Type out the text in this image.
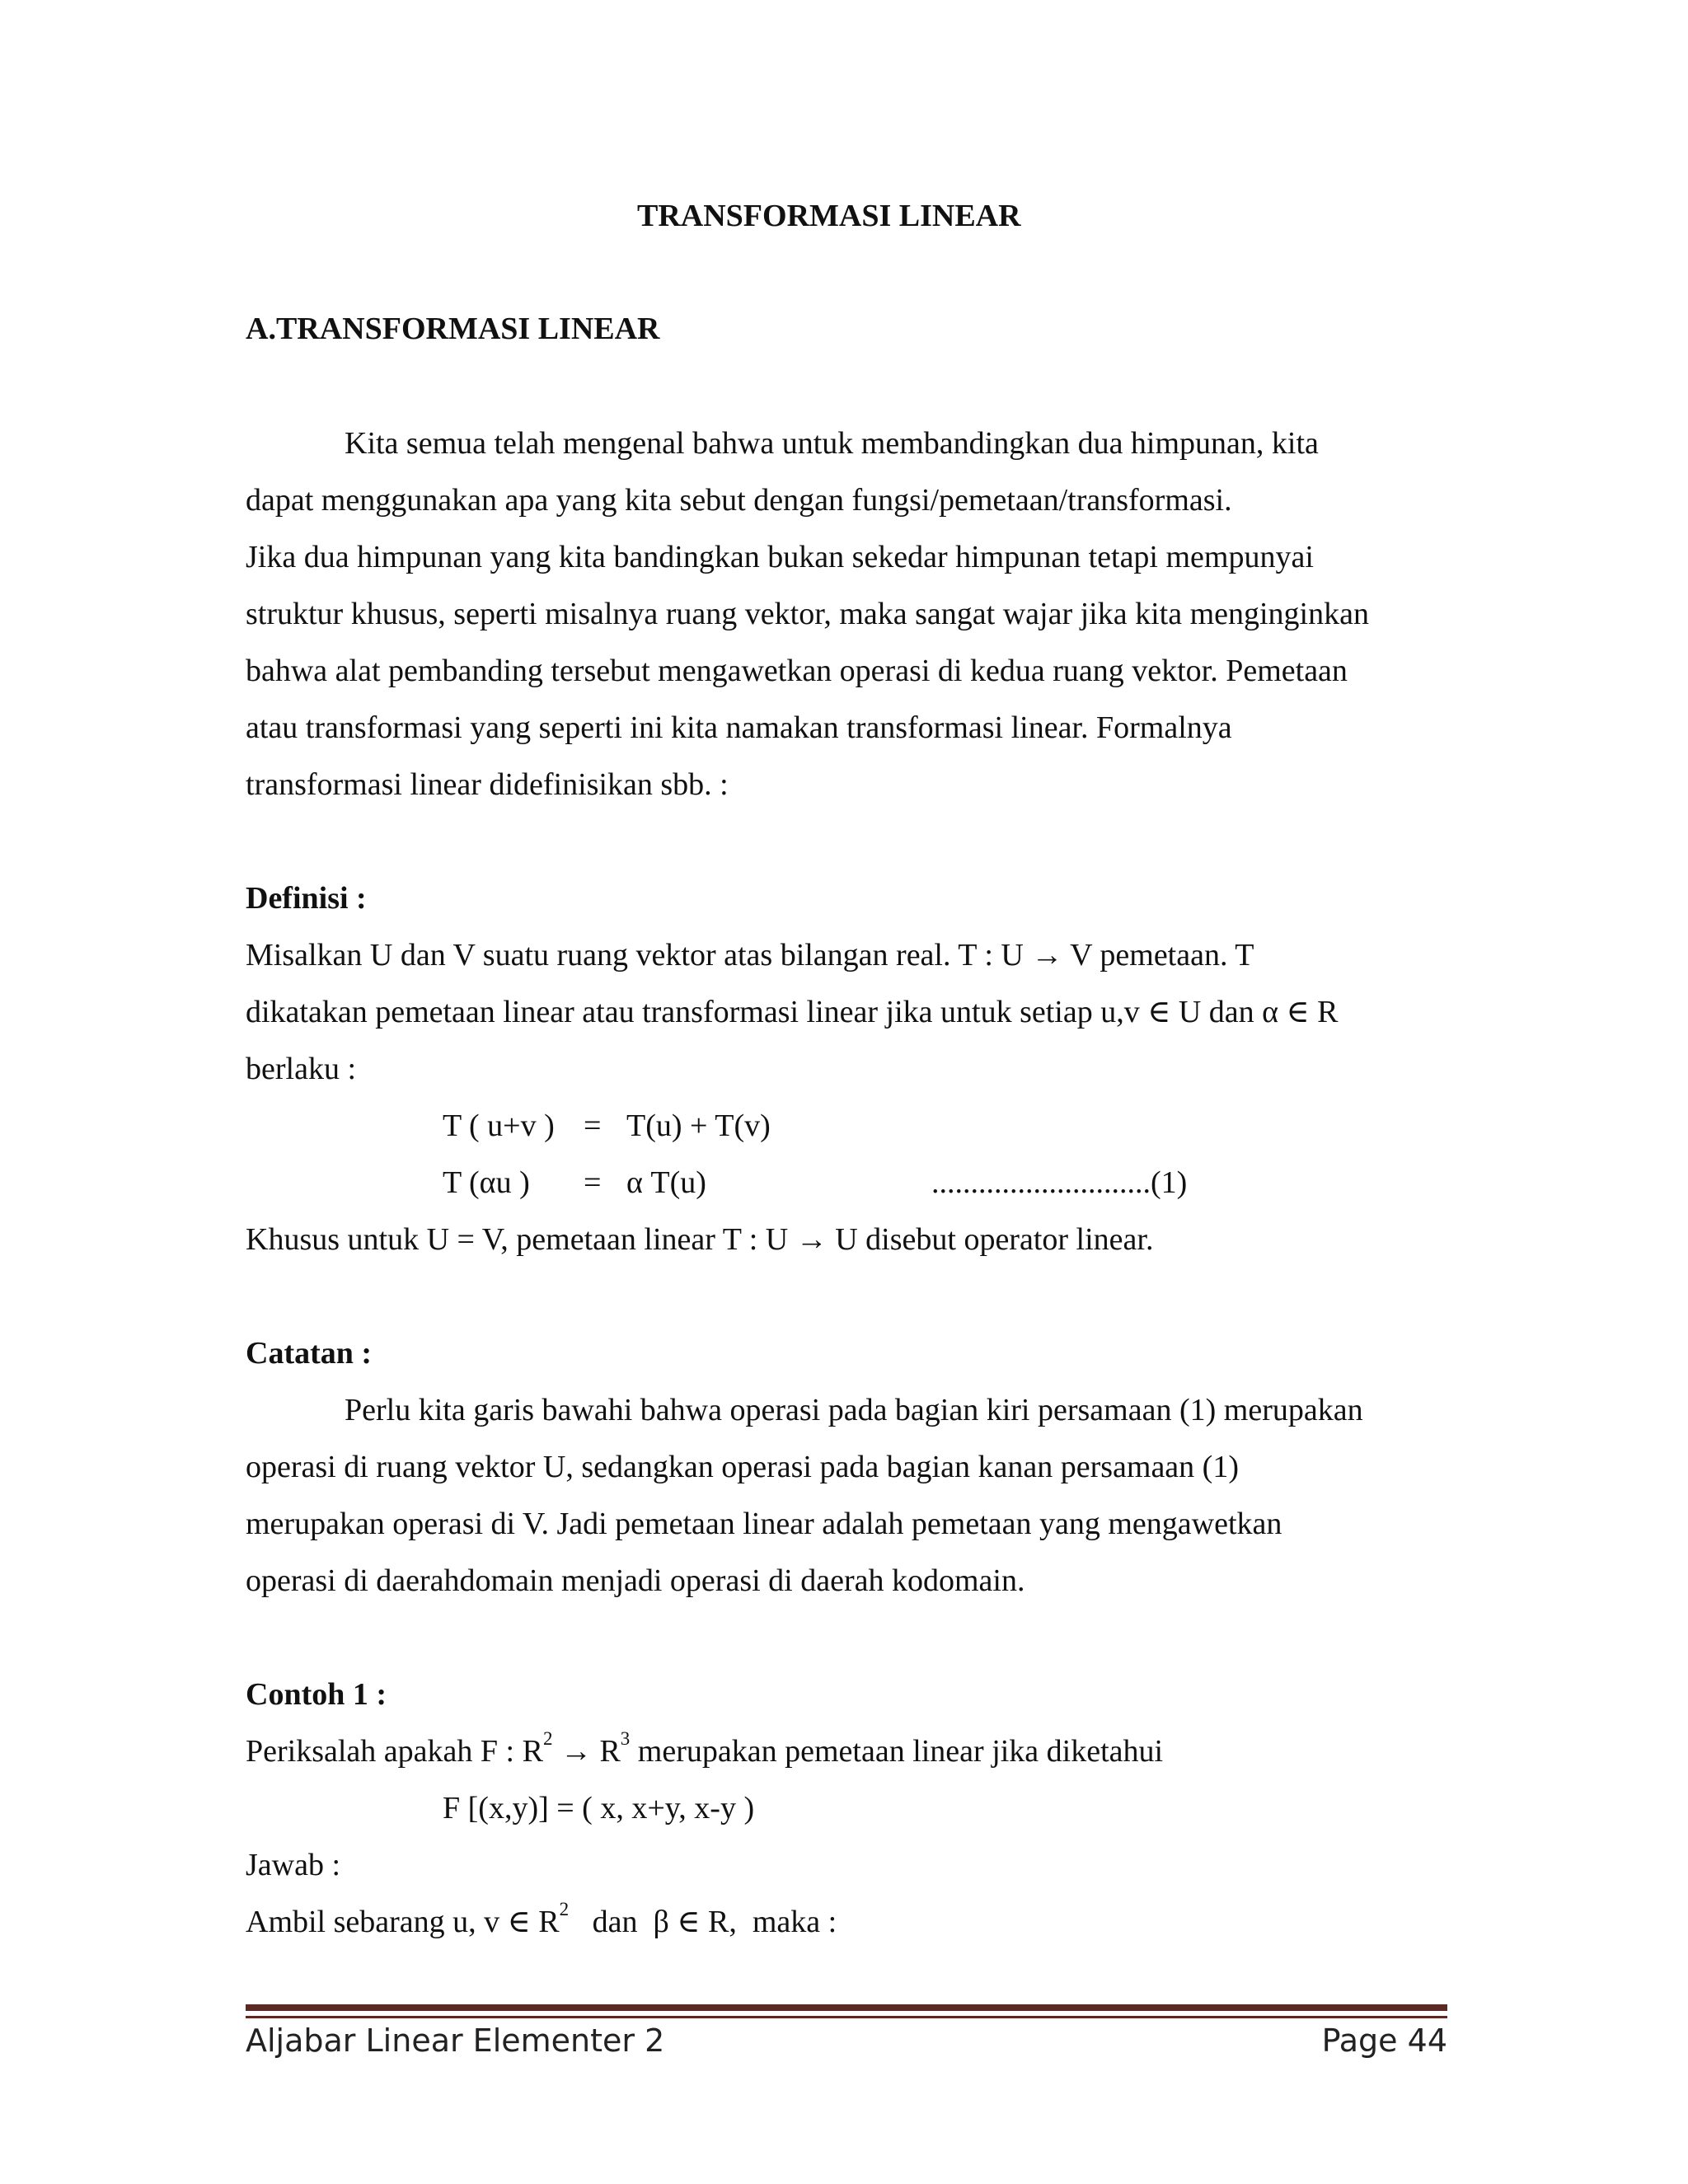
TRANSFORMASI LINEAR
A.TRANSFORMASI LINEAR
Kita semua telah mengenal bahwa untuk membandingkan dua himpunan, kita
dapat menggunakan apa yang kita sebut dengan fungsi/pemetaan/transformasi.
Jika dua himpunan yang kita bandingkan bukan sekedar himpunan tetapi mempunyai
struktur khusus, seperti misalnya ruang vektor, maka sangat wajar jika kita menginginkan
bahwa alat pembanding tersebut mengawetkan operasi di kedua ruang vektor. Pemetaan
atau transformasi yang seperti ini kita namakan transformasi linear. Formalnya
transformasi linear didefinisikan sbb. :
Definisi :
Misalkan U dan V suatu ruang vektor atas bilangan real. T : U → V pemetaan. T
dikatakan pemetaan linear atau transformasi linear jika untuk setiap u,v ∈ U dan α ∈ R
berlaku :
T ( u+v ) = T(u) + T(v)
T (αu ) = α T(u)	............................(1)
Khusus untuk U = V, pemetaan linear T : U → U disebut operator linear.
Catatan :
Perlu kita garis bawahi bahwa operasi pada bagian kiri persamaan (1) merupakan
operasi di ruang vektor U, sedangkan operasi pada bagian kanan persamaan (1)
merupakan operasi di V. Jadi pemetaan linear adalah pemetaan yang mengawetkan
operasi di daerahdomain menjadi operasi di daerah kodomain.
Contoh 1 :
Periksalah apakah F : $R^2 \to R^3$ merupakan pemetaan linear jika diketahui
F [(x,y)] = ( x, x+y, x-y )
Jawab :
Ambil sebarang u, v ∈ $R^2$   dan  β ∈ R,  maka :
Aljabar Linear Elementer 2	Page 44
